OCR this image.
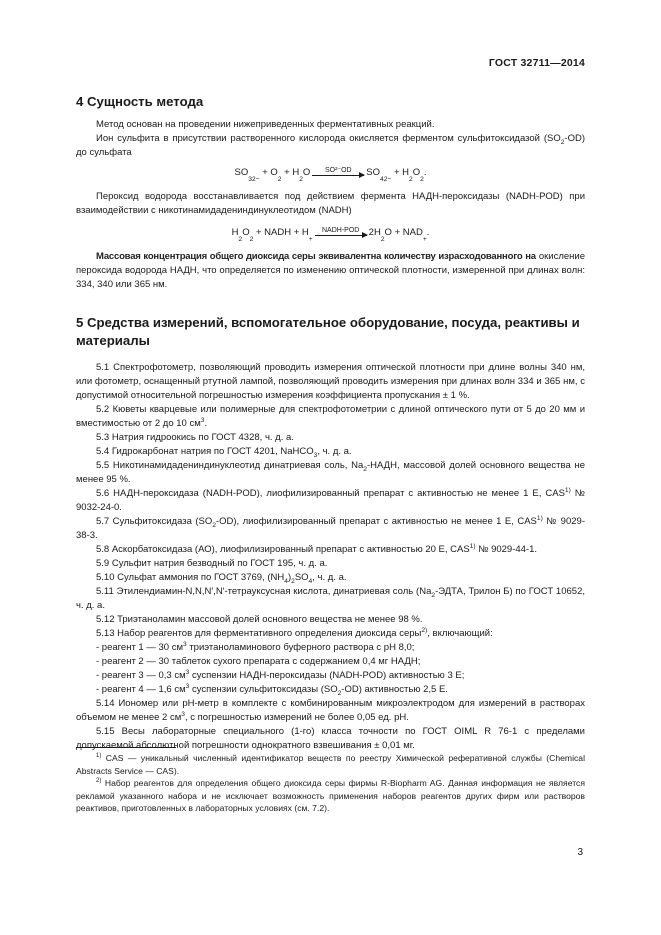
ГОСТ 32711—2014
4 Сущность метода

Метод основан на проведении нижеприведенных ферментативных реакций.

Ион сульфита в присутствии растворенного кислорода окисляется ферментом сульфитоксидазой $(SO_2-OD)$ до сульфата

SO
3 2−

+
O
2

+
H
2
O SO²⁻OD SO
4 2−

+
H
2
O
2
.

Пероксид водорода восстанавливается под действием фермента НАДН-пероксидазы (NADH-POD) при взаимодействии с никотинамидадениндинуклеотидом (NADH)

H
2
O
2

+
NADH
+
H
+
NADH-POD 2H
2
O
+
NAD
+
.

Массовая концентрация общего диоксида серы эквивалентна количеству израсходованного на окисление пероксида водорода НАДН, что определяется по изменению оптической плотности, измеренной при длинах волн: 334, 340 или 365 нм.

5 Средства измерений, вспомогательное оборудование, посуда, реактивы и материалы

5.1 Спектрофотометр, позволяющий проводить измерения оптической плотности при длине волны 340 нм, или фотометр, оснащенный ртутной лампой, позволяющий проводить измерения при длинах волн 334 и 365 нм, с допустимой относительной погрешностью измерения коэффициента пропускания ± 1 %.

5.2 Кюветы кварцевые или полимерные для спектрофотометрии с длиной оптического пути от 5 до 20 мм и вместимостью от 2 до 10 $см^3$.

5.3 Натрия гидроокись по ГОСТ 4328, ч. д. а.

5.4 Гидрокарбонат натрия по ГОСТ 4201, NaHCO$_3$, ч. д. а.

5.5 Никотинамидадениндинуклеотид динатриевая соль, $Na_2$-НАДН, массовой долей основного вещества не менее 95 %.

5.6 НАДН-пероксидаза (NADH-POD), лиофилизированный препарат с активностью не менее 1 Е, CAS$^{1)}$ № 9032-24-0.

5.7 Сульфитоксидаза $(SO_2-OD)$, лиофилизированный препарат с активностью не менее 1 Е, CAS$^{1)}$ № 9029-38-3.

5.8 Аскорбатоксидаза (АО), лиофилизированный препарат с активностью 20 Е, CAS$^{1)}$ № 9029-44-1.

5.9 Сульфит натрия безводный по ГОСТ 195, ч. д. а.

5.10 Сульфат аммония по ГОСТ 3769, $(NH_4)_2SO_4$, ч. д. а.

5.11 Этилендиамин-N,N,N′,N′-тетрауксусная кислота, динатриевая соль ($Na_2$-ЭДТА, Трилон Б) по ГОСТ 10652, ч. д. а.

5.12 Триэтаноламин массовой долей основного вещества не менее 98 %.

5.13 Набор реагентов для ферментативного определения диоксида серы$^{2)}$, включающий:

- реагент 1 — 30 $см^3$ триэтаноламинового буферного раствора с рН 8,0;

- реагент 2 — 30 таблеток сухого препарата с содержанием 0,4 мг НАДН;

- реагент 3 — 0,3 $см^3$ суспензии НАДН-пероксидазы (NADH-POD) активностью 3 Е;

- реагент 4 — 1,6 $см^3$ суспензии сульфитоксидазы $(SO_2-OD)$ активностью 2,5 Е.

5.14 Иономер или рН-метр в комплекте с комбинированным микроэлектродом для измерений в растворах объемом не менее 2 $см^3$, с погрешностью измерений не более 0,05 ед. рН.

5.15 Весы лабораторные специального (1-го) класса точности по ГОСТ OIML R 76-1 с пределами допускаемой абсолютной погрешности однократного взвешивания ± 0,01 мг.

$^{1)}$ CAS — уникальный численный идентификатор веществ по реестру Химической реферативной службы (Chemical Abstracts Service — CAS).

$^{2)}$ Набор реагентов для определения общего диоксида серы фирмы R-Biopharm AG. Данная информация не является рекламой указанного набора и не исключает возможность применения наборов реагентов других фирм или растворов реактивов, приготовленных в лабораторных условиях (см. 7.2).

3
